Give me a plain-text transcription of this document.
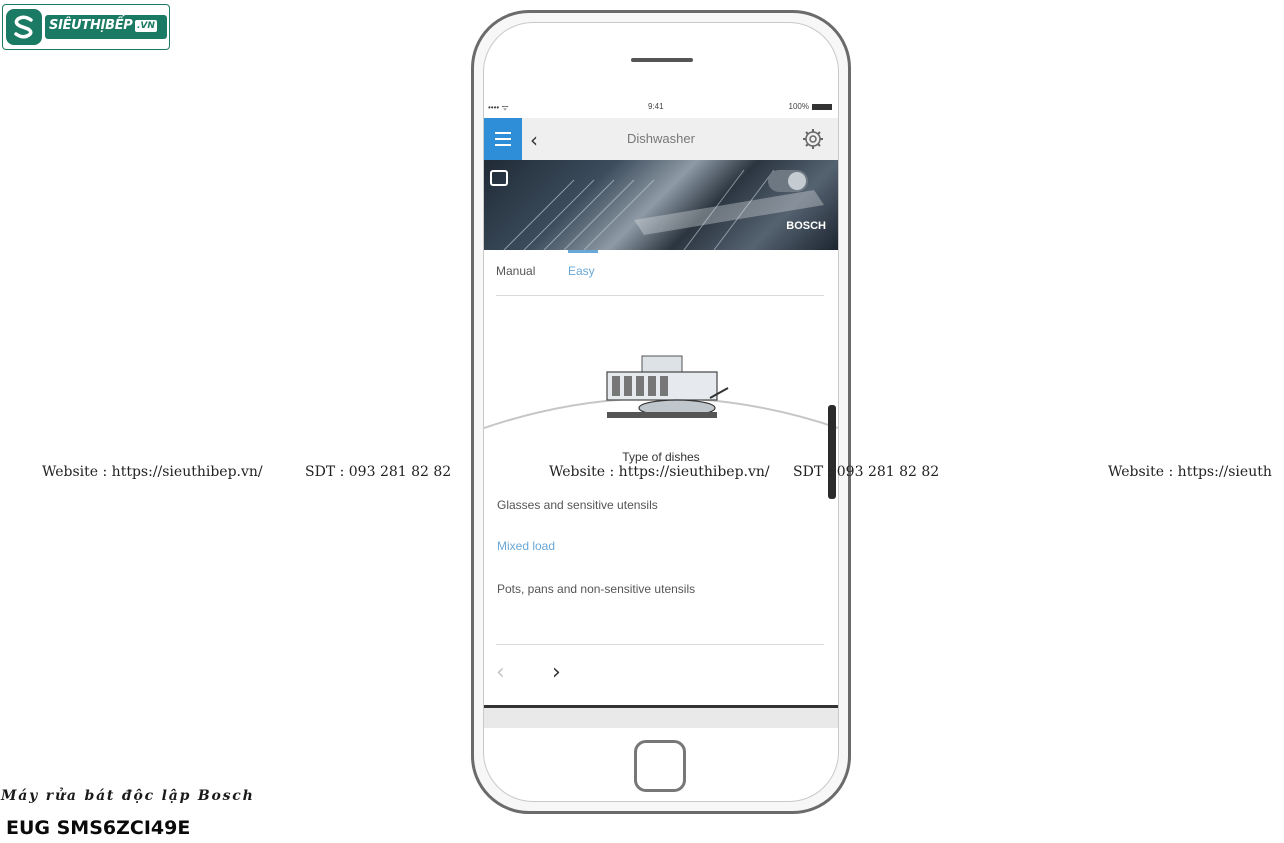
SIÊUTHỊBẾP .VN
•••• ᯤ	9:41	100%
‹	Dishwasher
BOSCH
Manual	Easy
Type of dishes
Glasses and sensitive utensils
Mixed load
Pots, pans and non-sensitive utensils
‹ ›
Website : https://sieuthibep.vn/	SDT : 093 281 82 82	Website : https://sieuthibep.vn/ SDT : 093 281 82 82	Website : https://sieuth
Máy rửa bát độc lập Bosch
EUG SMS6ZCI49E
